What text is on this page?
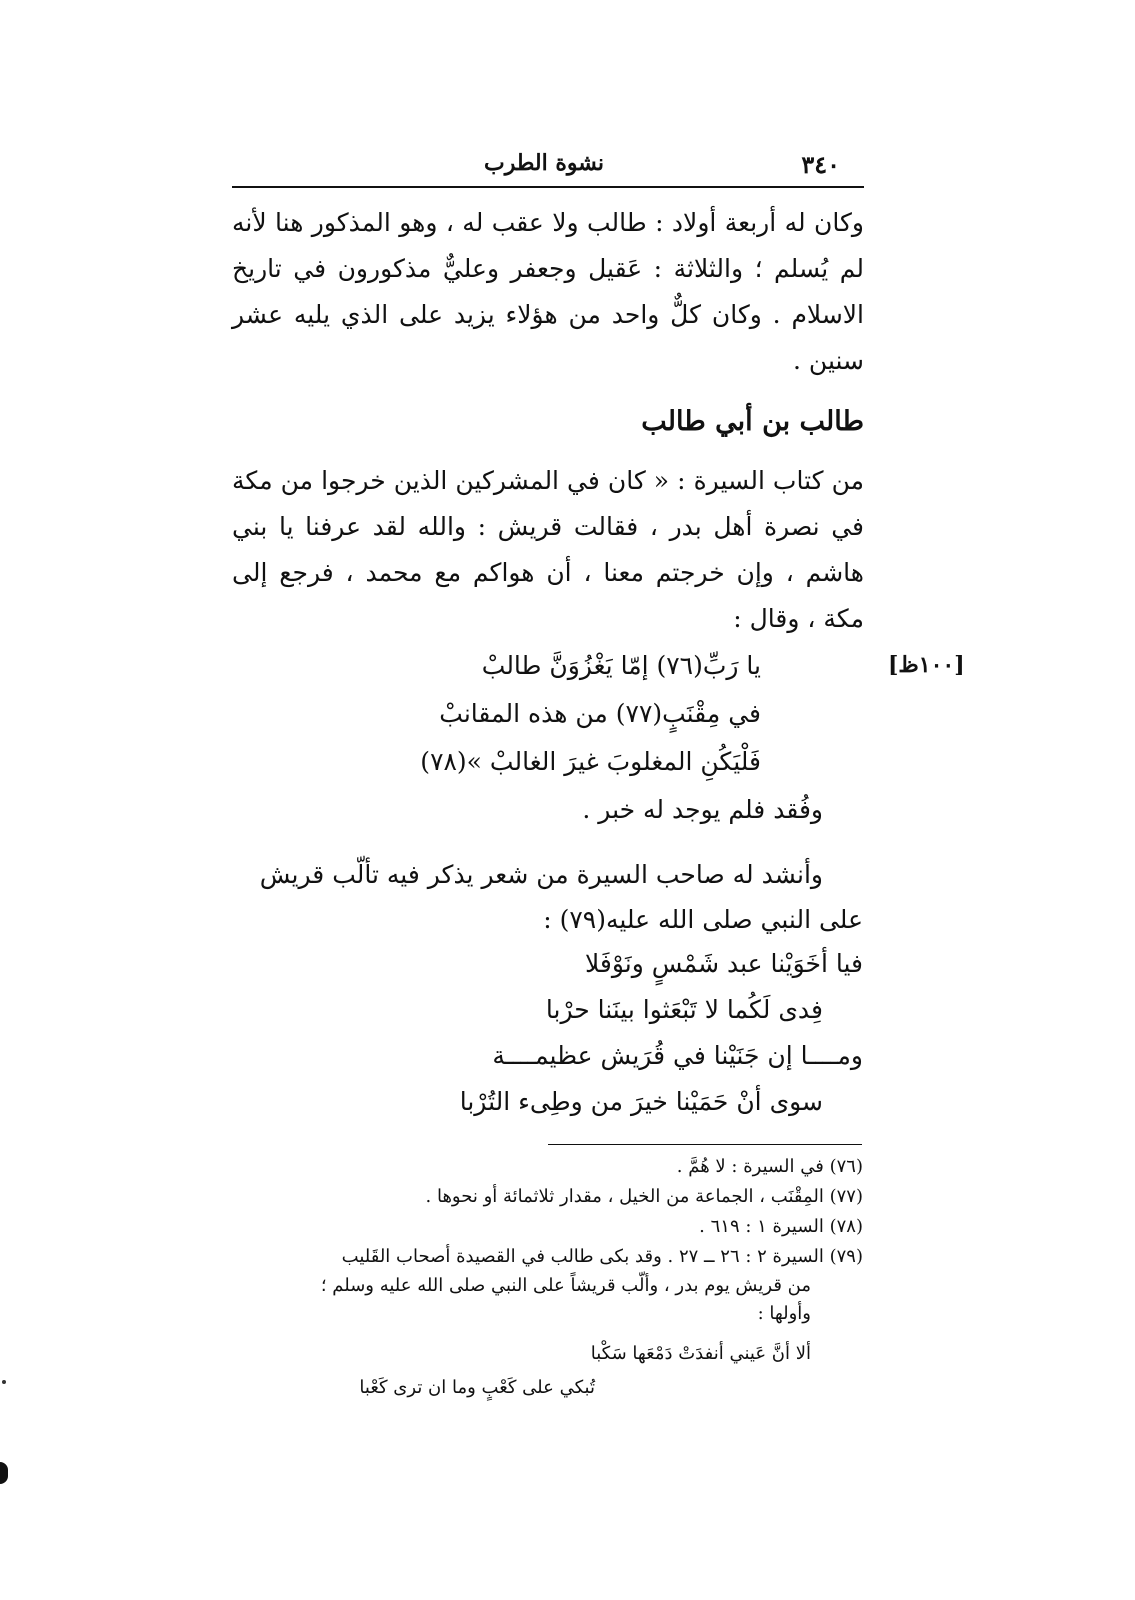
٣٤٠
نشوة الطرب
وكان له أربعة أولاد : طالب ولا عقب له ، وهو المذكور هنا لأنه لم يُسلم ؛ والثلاثة : عَقيل وجعفر وعليٌّ مذكورون في تاريخ الاسلام . وكان كلٌّ واحد من هؤلاء يزيد على الذي يليه عشر سنين .
طالب بن أبي طالب
من كتاب السيرة : « كان في المشركين الذين خرجوا من مكة في نصرة أهل بدر ، فقالت قريش : والله لقد عرفنا يا بني هاشم ، وإن خرجتم معنا ، أن هواكم مع محمد ، فرجع إلى مكة ، وقال :
[١٠٠ظ]
يا رَبِّ(٧٦) إمّا يَغْزُوَنَّ طالبْ
في مِقْنَبٍ(٧٧) من هذه المقانبْ
فَلْيَكُنِ المغلوبَ غيرَ الغالبْ »(٧٨)
وفُقد فلم يوجد له خبر .
وأنشد له صاحب السيرة من شعر يذكر فيه تألّب قريش
على النبي صلى الله عليه(٧٩) :
فيا أخَوَيْنا عبد شَمْسٍ ونَوْفَلا
فِدى لَكُما لا تَبْعَثوا بينَنا حرْبا
ومــــا إن جَنَيْنا في قُرَيش عظيمــــة
سوى أنْ حَمَيْنا خيرَ من وطِىء التُرْبا
(٧٦) في السيرة : لا هُمَّ .
(٧٧) المِقْنَب ، الجماعة من الخيل ، مقدار ثلاثمائة أو نحوها .
(٧٨) السيرة ١ : ٦١٩ .
(٧٩) السيرة ٢ : ٢٦ ــ ٢٧ . وقد بكى طالب في القصيدة أصحاب القَليب
من قريش يوم بدر ، وألّب قريشاً على النبي صلى الله عليه وسلم ؛
وأولها :
ألا أنَّ عَيني أنفدَتْ دَمْعَها سَكْبا
تُبكي على كَعْبٍ وما ان ترى كَعْبا
